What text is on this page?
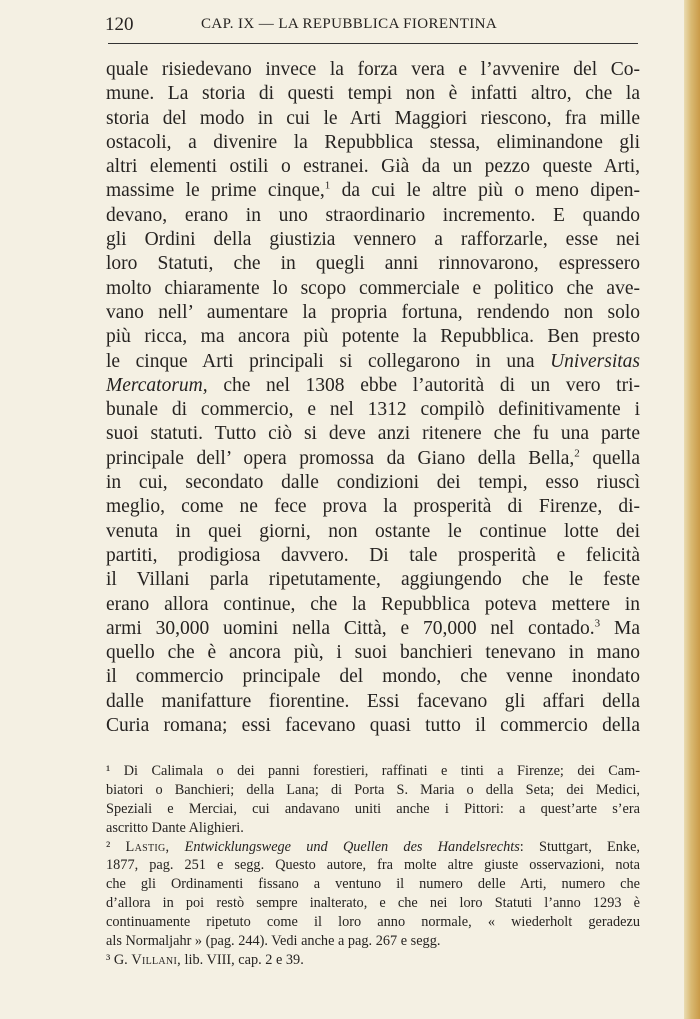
120	CAP. IX — LA REPUBBLICA FIORENTINA
quale risiedevano invece la forza vera e l’avvenire del Co-
mune. La storia di questi tempi non è infatti altro, che la
storia del modo in cui le Arti Maggiori riescono, fra mille
ostacoli, a divenire la Repubblica stessa, eliminandone gli
altri elementi ostili o estranei. Già da un pezzo queste Arti,
massime le prime cinque,$^1$ da cui le altre più o meno dipen-
devano, erano in uno straordinario incremento. E quando
gli Ordini della giustizia vennero a rafforzarle, esse nei
loro Statuti, che in quegli anni rinnovarono, espressero
molto chiaramente lo scopo commerciale e politico che ave-
vano nell’ aumentare la propria fortuna, rendendo non solo
più ricca, ma ancora più potente la Repubblica. Ben presto
le cinque Arti principali si collegarono in una Universitas
Mercatorum, che nel 1308 ebbe l’autorità di un vero tri-
bunale di commercio, e nel 1312 compilò definitivamente i
suoi statuti. Tutto ciò si deve anzi ritenere che fu una parte
principale dell’ opera promossa da Giano della Bella,$^2$ quella
in cui, secondato dalle condizioni dei tempi, esso riuscì
meglio, come ne fece prova la prosperità di Firenze, di-
venuta in quei giorni, non ostante le continue lotte dei
partiti, prodigiosa davvero. Di tale prosperità e felicità
il Villani parla ripetutamente, aggiungendo che le feste
erano allora continue, che la Repubblica poteva mettere in
armi 30,000 uomini nella Città, e 70,000 nel contado.$^3$ Ma
quello che è ancora più, i suoi banchieri tenevano in mano
il commercio principale del mondo, che venne inondato
dalle manifatture fiorentine. Essi facevano gli affari della
Curia romana; essi facevano quasi tutto il commercio della
¹ Di Calimala o dei panni forestieri, raffinati e tinti a Firenze; dei Cam-
biatori o Banchieri; della Lana; di Porta S. Maria o della Seta; dei Medici,
Speziali e Merciai, cui andavano uniti anche i Pittori: a quest’arte s’era
ascritto Dante Alighieri.
² Lastig, Entwicklungswege und Quellen des Handelsrechts: Stuttgart, Enke,
1877, pag. 251 e segg. Questo autore, fra molte altre giuste osservazioni, nota
che gli Ordinamenti fissano a ventuno il numero delle Arti, numero che
d’allora in poi restò sempre inalterato, e che nei loro Statuti l’anno 1293 è
continuamente ripetuto come il loro anno normale, « wiederholt geradezu
als Normaljahr » (pag. 244). Vedi anche a pag. 267 e segg.
³ G. Villani, lib. VIII, cap. 2 e 39.
